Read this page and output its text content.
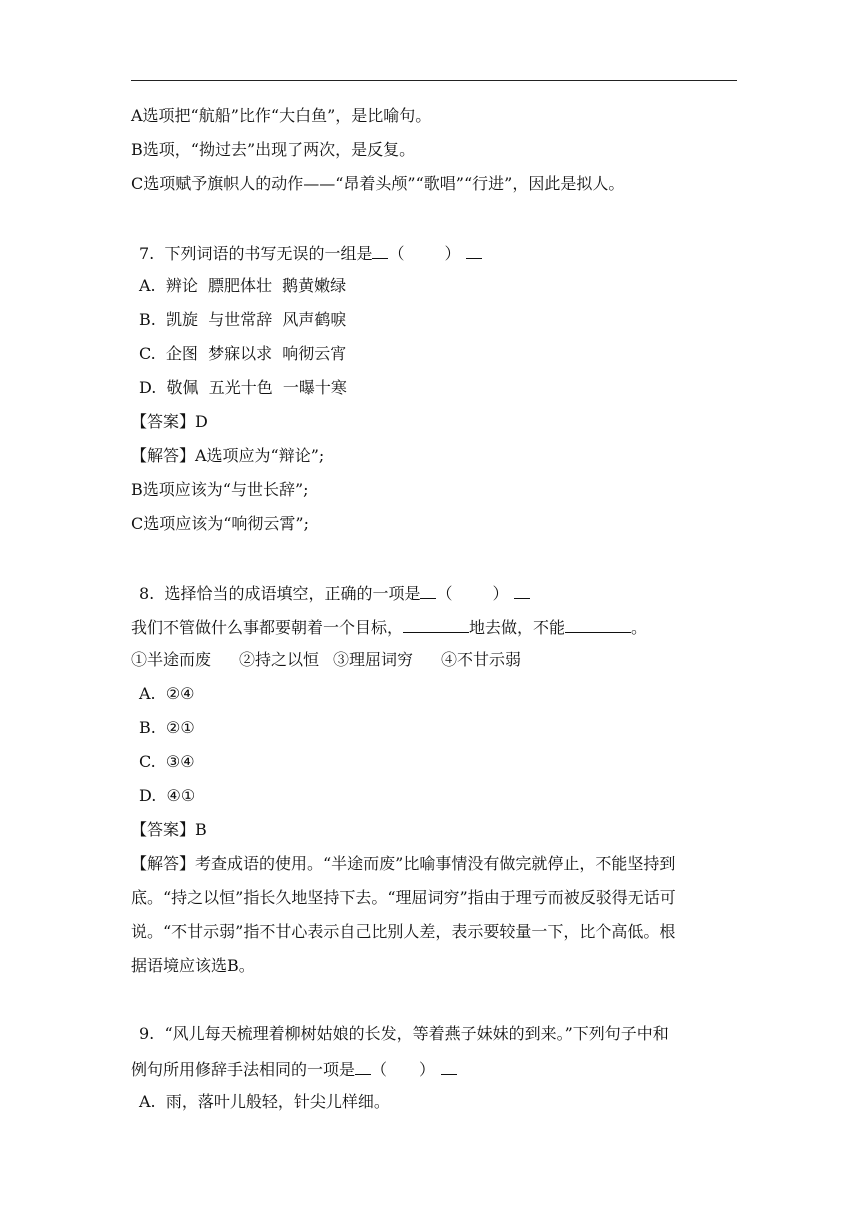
A选项把“航船”比作“大白鱼”，是比喻句。
B选项，“拗过去”出现了两次，是反复。
C选项赋予旗帜人的动作——“昂着头颅”“歌唱”“行进”，因此是拟人。
7.  下列词语的书写无误的一组是 （	）
A.  辨论  膘肥体壮  鹅黄嫩绿
B.  凯旋  与世常辞  风声鹤唳
C.  企图  梦寐以求  响彻云宵
D.  敬佩  五光十色  一曝十寒
【答案】D
【解答】A选项应为“辩论”;
B选项应该为“与世长辞”;
C选项应该为“响彻云霄”;
8.  选择恰当的成语填空，正确的一项是 （	）
我们不管做什么事都要朝着一个目标，	地去做，不能	。
①半途而废 ②持之以恒 ③理屈词穷 ④不甘示弱
A.  ②④
B.  ②①
C.  ③④
D.  ④①
【答案】B
【解答】考查成语的使用。“半途而废”比喻事情没有做完就停止，不能坚持到
底。“持之以恒”指长久地坚持下去。“理屈词穷”指由于理亏而被反驳得无话可
说。“不甘示弱”指不甘心表示自己比别人差，表示要较量一下，比个高低。根
据语境应该选B。
9.  “风儿每天梳理着柳树姑娘的长发，等着燕子妹妹的到来。”下列句子中和
例句所用修辞手法相同的一项是 （ ）
A.  雨，落叶儿般轻，针尖儿样细。
